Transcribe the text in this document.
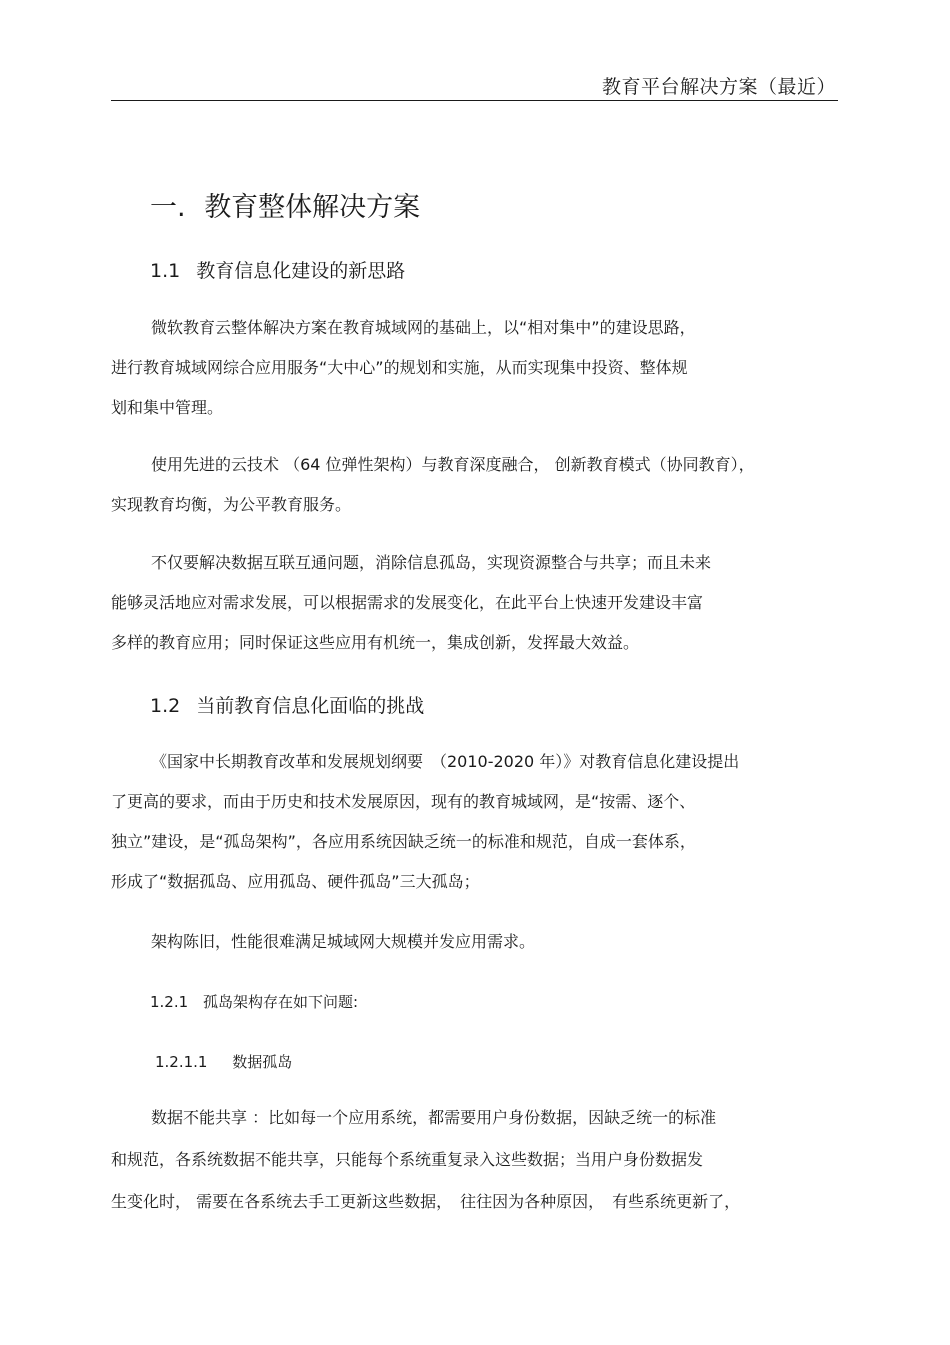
教育平台解决方案（最近）
一. 教育整体解决方案
1.1 教育信息化建设的新思路
微软教育云整体解决方案在教育城域网的基础上，以“相对集中”的建设思路，
进行教育城域网综合应用服务“大中心”的规划和实施，从而实现集中投资、整体规
划和集中管理。
使用先进的云技术 （64 位弹性架构）与教育深度融合， 创新教育模式（协同教育），
实现教育均衡，为公平教育服务。
不仅要解决数据互联互通问题，消除信息孤岛，实现资源整合与共享；而且未来
能够灵活地应对需求发展，可以根据需求的发展变化，在此平台上快速开发建设丰富
多样的教育应用；同时保证这些应用有机统一，集成创新，发挥最大效益。
1.2 当前教育信息化面临的挑战
《国家中长期教育改革和发展规划纲要　（2010-2020 年）》对教育信息化建设提出
了更高的要求，而由于历史和技术发展原因，现有的教育城域网，是“按需、逐个、
独立”建设，是“孤岛架构”，各应用系统因缺乏统一的标准和规范，自成一套体系，
形成了“数据孤岛、应用孤岛、硬件孤岛”三大孤岛；
架构陈旧，性能很难满足城域网大规模并发应用需求。
1.2.1 孤岛架构存在如下问题:
1.2.1.1 数据孤岛
数据不能共享 ：比如每一个应用系统，都需要用户身份数据，因缺乏统一的标准
和规范，各系统数据不能共享，只能每个系统重复录入这些数据；当用户身份数据发
生变化时， 需要在各系统去手工更新这些数据，　往往因为各种原因，　有些系统更新了，
